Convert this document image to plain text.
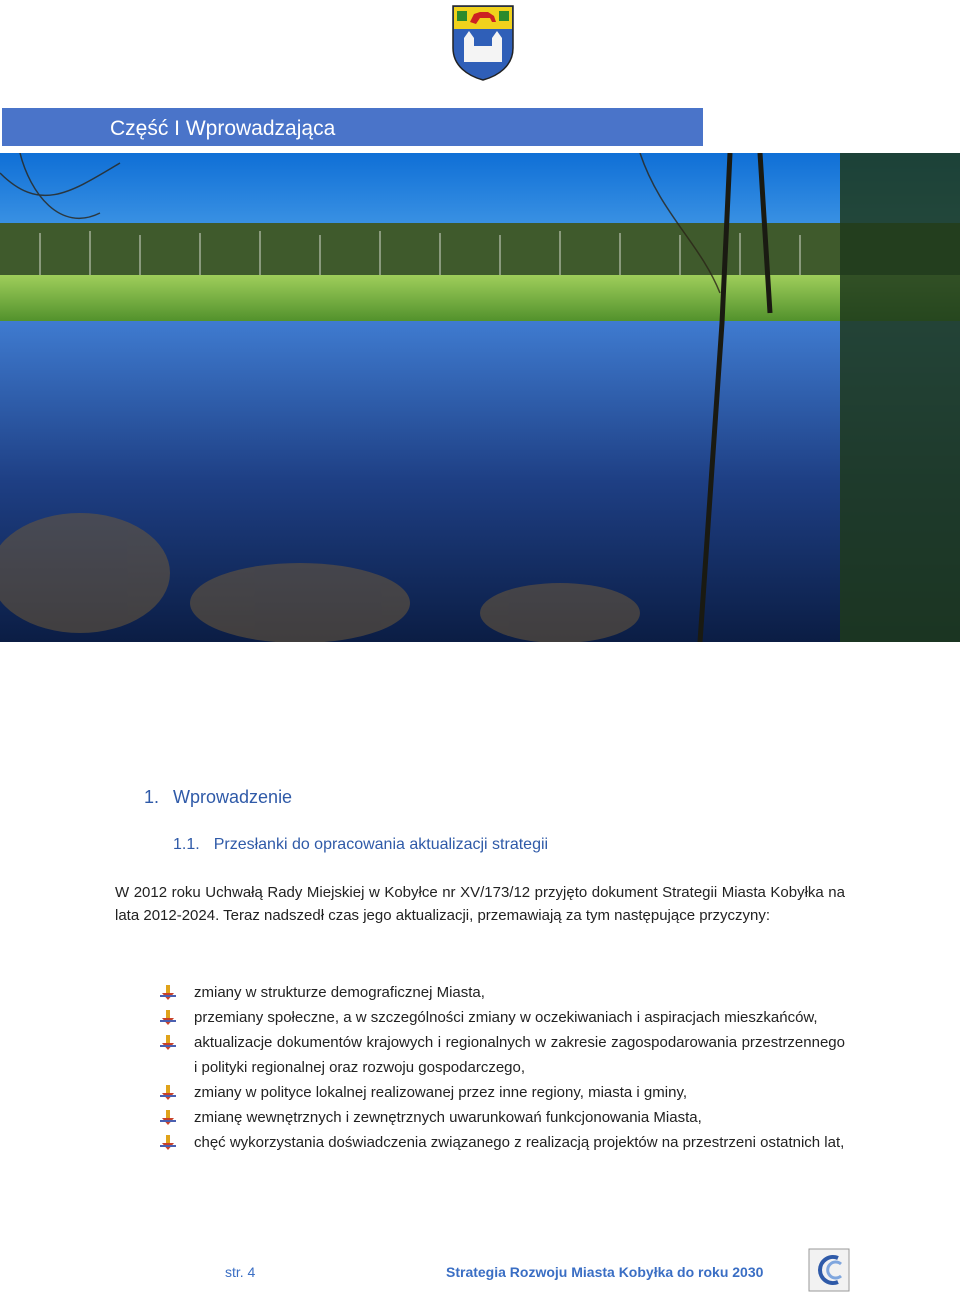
Część I Wprowadzająca
1. Wprowadzenie
1.1. Przesłanki do opracowania aktualizacji strategii
W 2012 roku Uchwałą Rady Miejskiej w Kobyłce nr XV/173/12 przyjęto dokument Strategii Miasta Kobyłka na lata 2012-2024. Teraz nadszedł czas jego aktualizacji, przemawiają za tym następujące przyczyny:
zmiany w strukturze demograficznej Miasta,
przemiany społeczne, a w szczególności zmiany w oczekiwaniach i aspiracjach mieszkańców,
aktualizacje dokumentów krajowych i regionalnych w zakresie zagospodarowania przestrzennego i polityki regionalnej oraz rozwoju gospodarczego,
zmiany w polityce lokalnej realizowanej przez inne regiony, miasta i gminy,
zmianę wewnętrznych i zewnętrznych uwarunkowań funkcjonowania Miasta,
chęć wykorzystania doświadczenia związanego z realizacją projektów na przestrzeni ostatnich lat,
str. 4	Strategia Rozwoju Miasta Kobyłka do roku 2030
